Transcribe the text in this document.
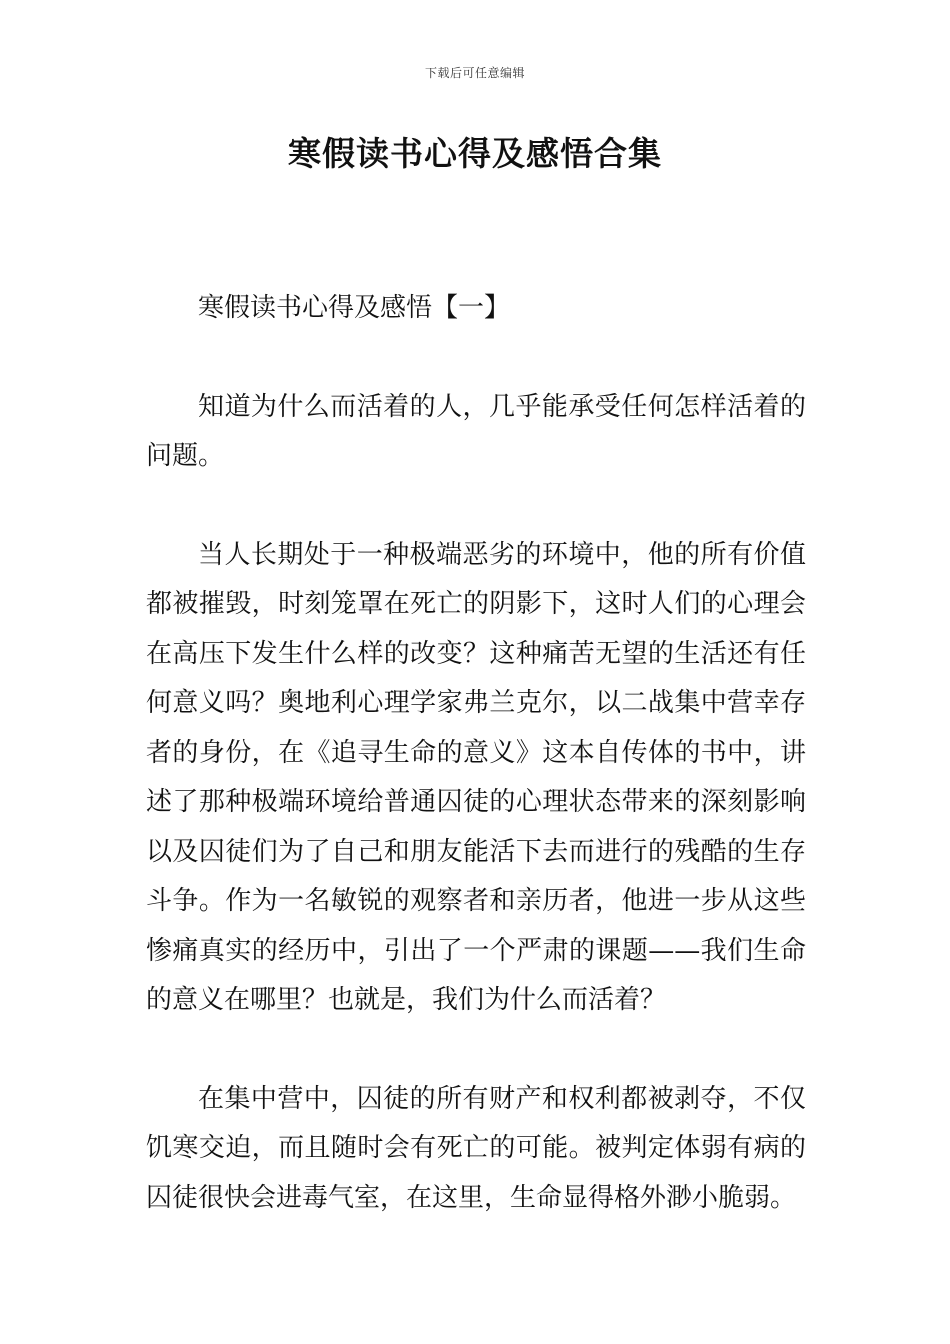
下载后可任意编辑
寒假读书心得及感悟合集

寒假读书心得及感悟【一】

知道为什么而活着的人，几乎能承受任何怎样活着的问题。

当人长期处于一种极端恶劣的环境中，他的所有价值都被摧毁，时刻笼罩在死亡的阴影下，这时人们的心理会在高压下发生什么样的改变？这种痛苦无望的生活还有任何意义吗？奥地利心理学家弗兰克尔，以二战集中营幸存者的身份，在《追寻生命的意义》这本自传体的书中，讲述了那种极端环境给普通囚徒的心理状态带来的深刻影响以及囚徒们为了自己和朋友能活下去而进行的残酷的生存斗争。作为一名敏锐的观察者和亲历者，他进一步从这些惨痛真实的经历中，引出了一个严肃的课题——我们生命的意义在哪里？也就是，我们为什么而活着？

在集中营中，囚徒的所有财产和权利都被剥夺，不仅饥寒交迫，而且随时会有死亡的可能。被判定体弱有病的囚徒很快会进毒气室，在这里，生命显得格外渺小脆弱。
